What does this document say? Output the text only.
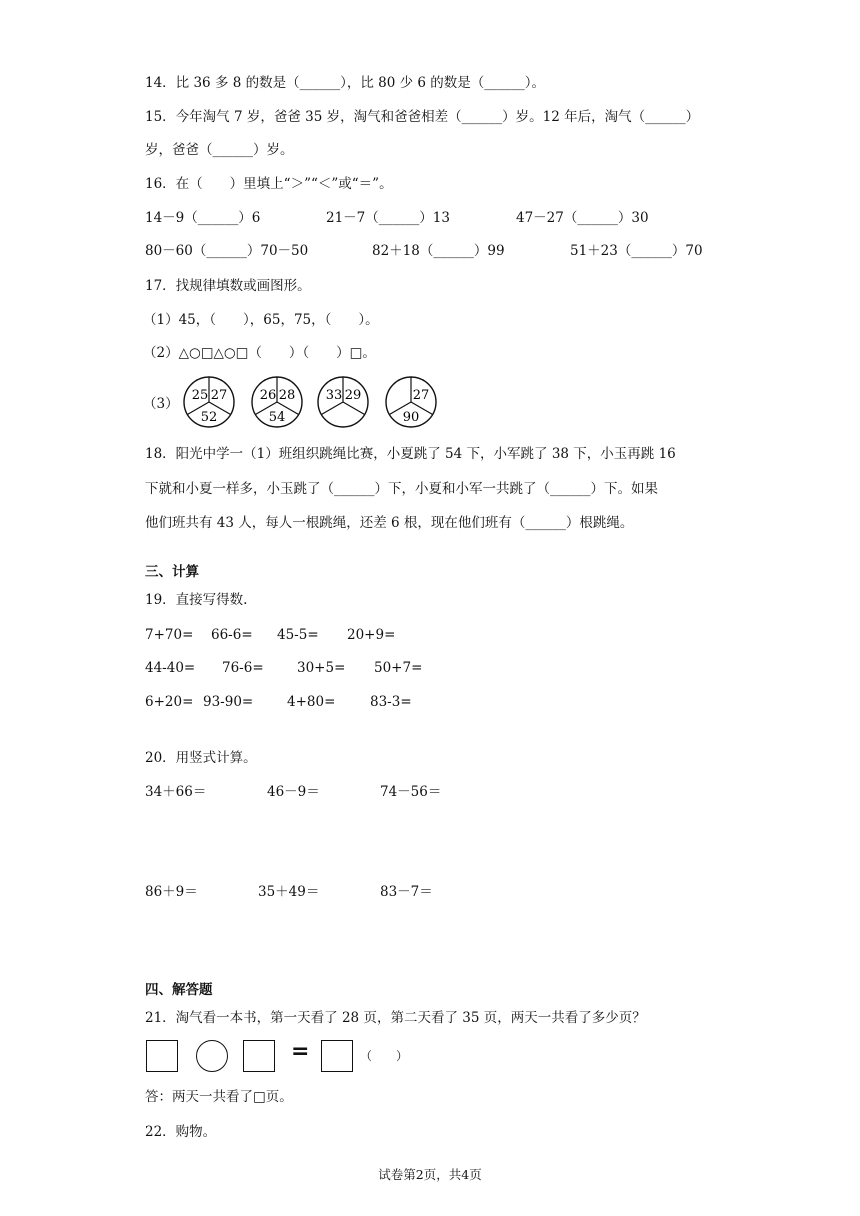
14．比 36 多 8 的数是（______），比 80 少 6 的数是（______）。
15．今年淘气 7 岁，爸爸 35 岁，淘气和爸爸相差（______）岁。12 年后，淘气（______）
岁，爸爸（______）岁。
16．在（　　）里填上“＞”“＜”或“＝”。
14－9（______）6	21－7（______）13	47－27（______）30
80－60（______）70－50	82＋18（______）99	51＋23（______）70
17．找规律填数或画图形。
（1）45，（　　），65，75，（　　）。
（2）△○□△○□（　　）（　　）□。
（3）
25 27
52
26 28
54
33 29	27
90
18．阳光中学一（1）班组织跳绳比赛，小夏跳了 54 下，小军跳了 38 下，小玉再跳 16
下就和小夏一样多，小玉跳了（______）下，小夏和小军一共跳了（______）下。如果
他们班共有 43 人，每人一根跳绳，还差 6 根，现在他们班有（______）根跳绳。
三、计算
19．直接写得数.
7+70= 66-6= 45-5= 20+9=
44-40= 76-6= 30+5= 50+7=
6+20= 93-90=	4+80=	83-3=
20．用竖式计算。
34＋66＝	46－9＝	74－56＝
86＋9＝	35＋49＝	83－7＝
四、解答题
21．淘气看一本书，第一天看了 28 页，第二天看了 35 页，两天一共看了多少页？
=	（　　）
答：两天一共看了□页。
22．购物。
试卷第2页，共4页
